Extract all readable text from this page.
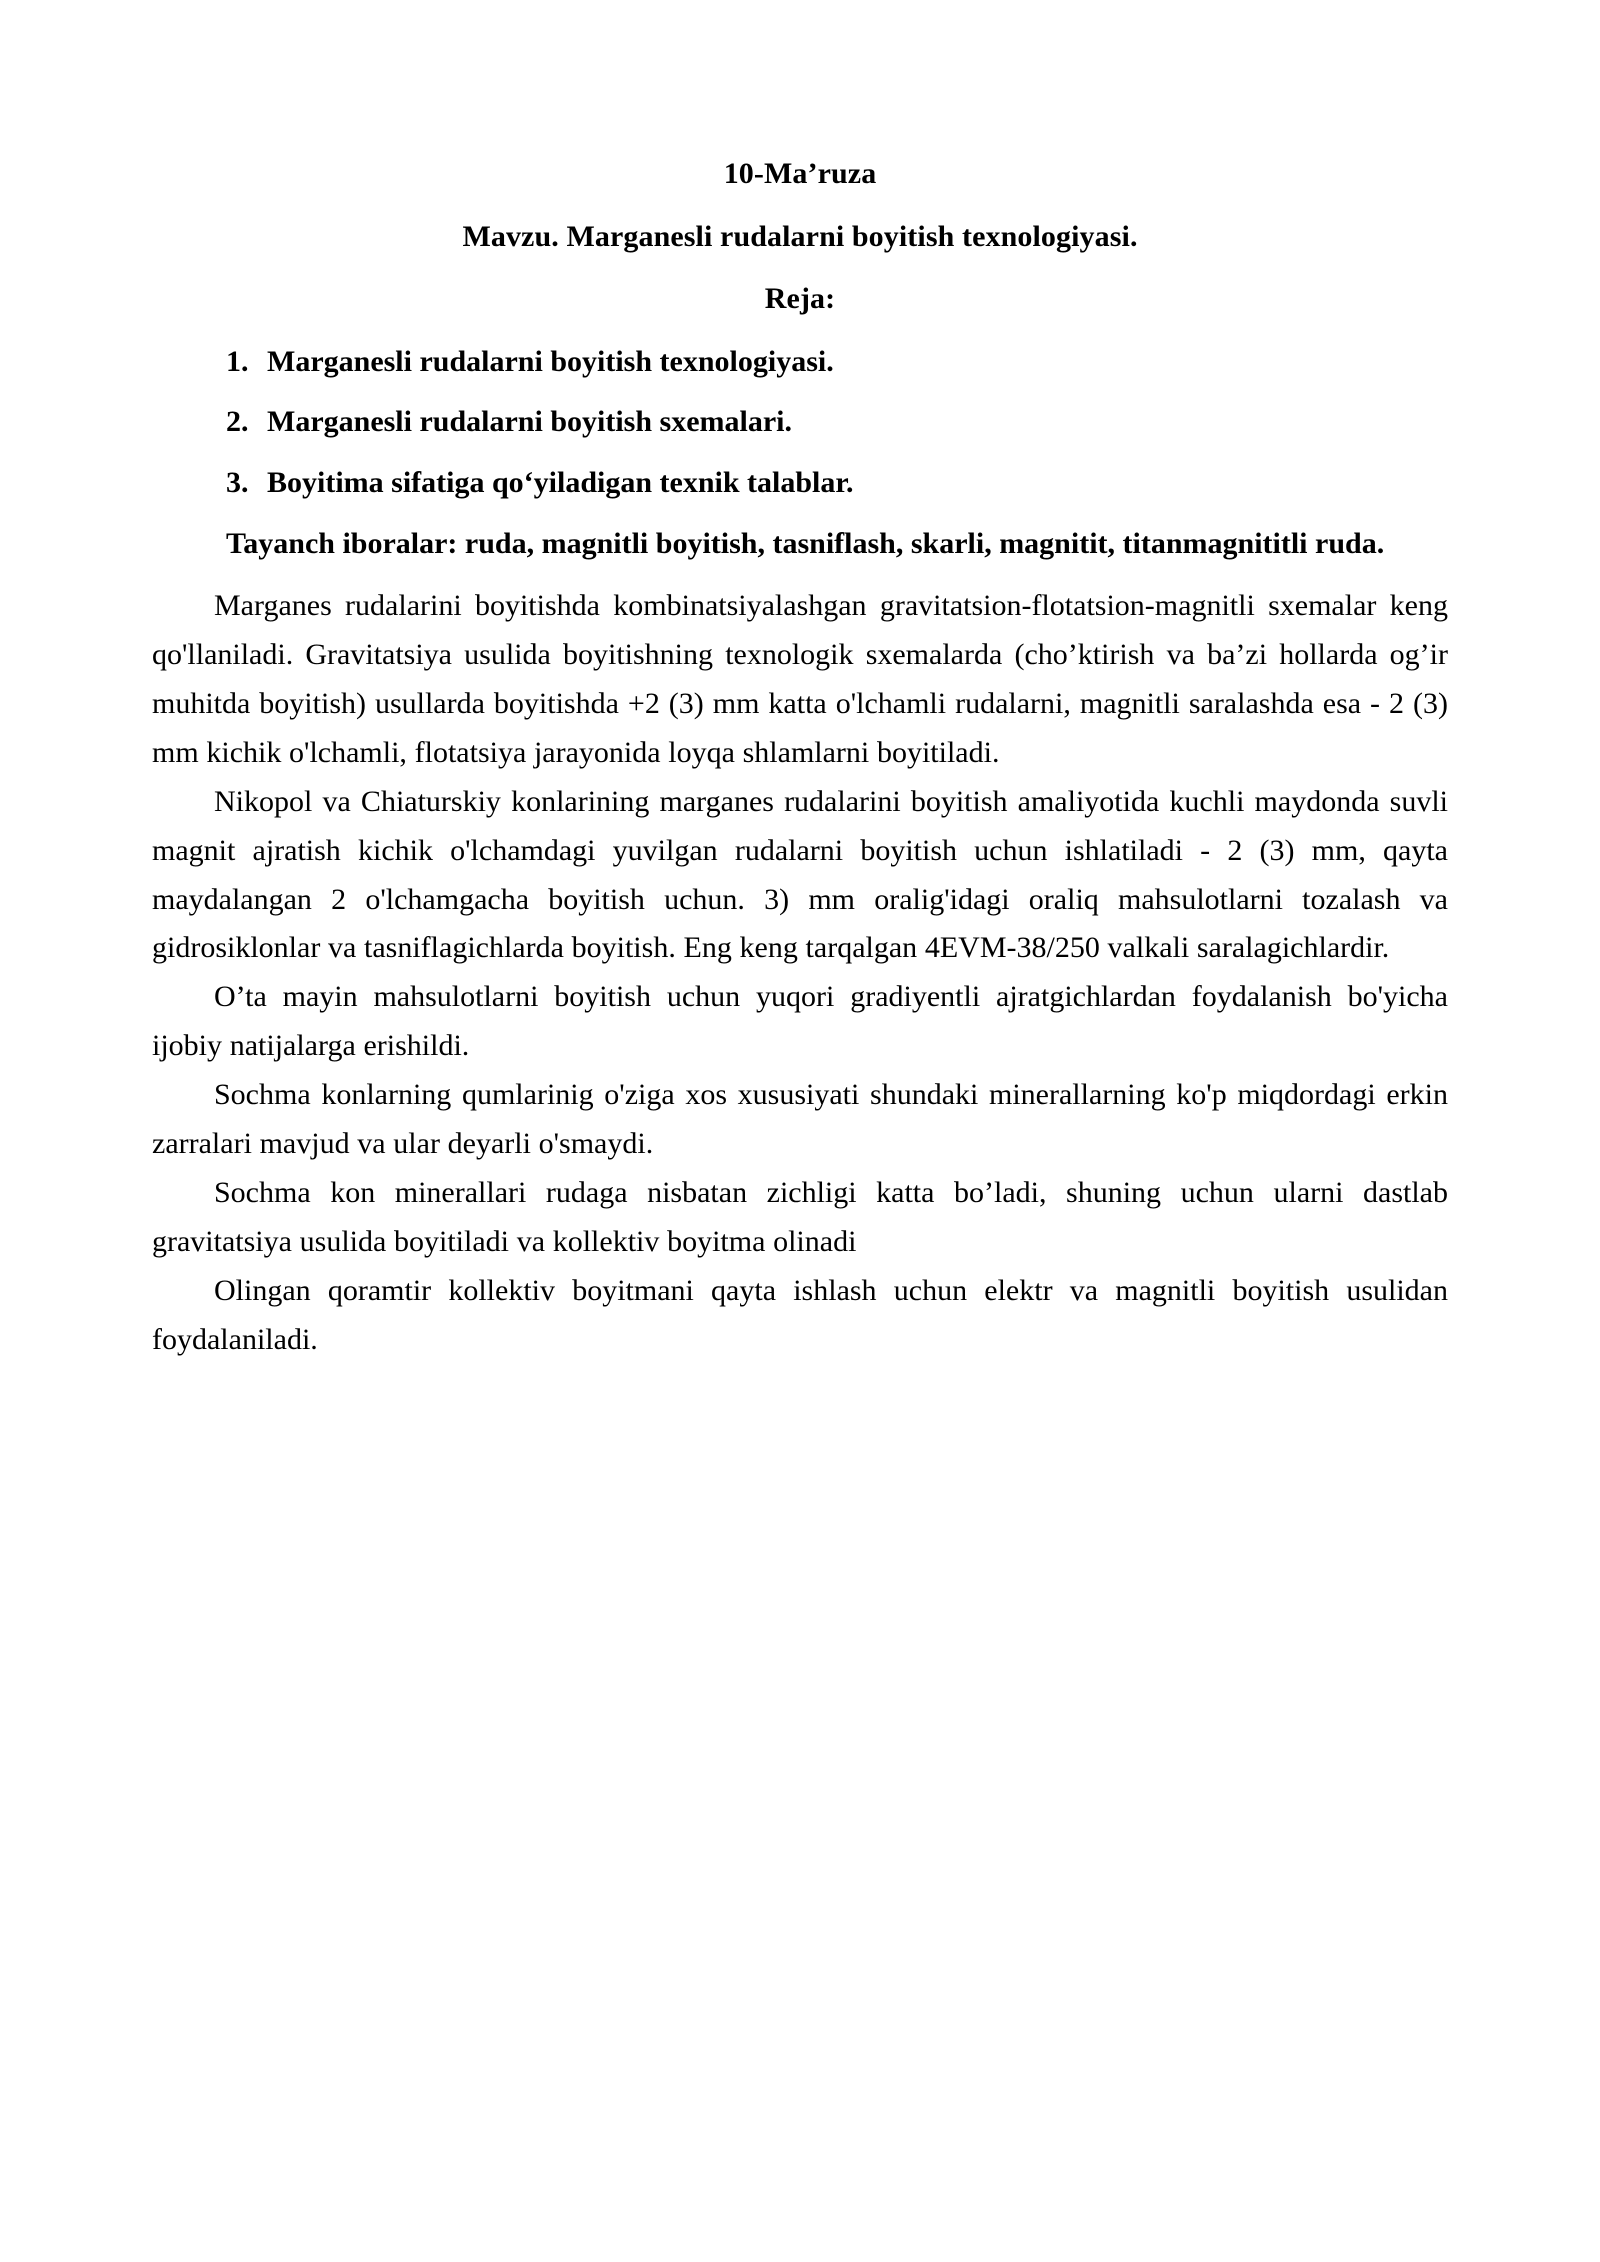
10-Ma’ruza
Mavzu. Marganesli rudalarni boyitish texnologiyasi.
Reja:
Marganesli rudalarni boyitish texnologiyasi.
Marganesli rudalarni boyitish sxemalari.
Boyitima sifatiga qo‘yiladigan texnik talablar.

Tayanch iboralar: ruda, magnitli boyitish, tasniflash, skarli, magnitit, titanmagnititli ruda.

Marganes rudalarini boyitishda kombinatsiyalashgan gravitatsion-flotatsion-magnitli sxemalar keng qo'llaniladi. Gravitatsiya usulida boyitishning texnologik sxemalarda (cho’ktirish va ba’zi hollarda og’ir muhitda boyitish) usullarda boyitishda +2 (3) mm katta o'lchamli rudalarni, magnitli saralashda esa - 2 (3) mm kichik o'lchamli, flotatsiya jarayonida loyqa shlamlarni boyitiladi.

Nikopol va Chiaturskiy konlarining marganes rudalarini boyitish amaliyotida kuchli maydonda suvli magnit ajratish kichik o'lchamdagi yuvilgan rudalarni boyitish uchun ishlatiladi - 2 (3) mm, qayta maydalangan 2 o'lchamgacha boyitish uchun. 3) mm oralig'idagi oraliq mahsulotlarni tozalash va gidrosiklonlar va tasniflagichlarda boyitish. Eng keng tarqalgan 4EVM-38/250 valkali saralagichlardir.

O’ta mayin mahsulotlarni boyitish uchun yuqori gradiyentli ajratgichlardan foydalanish bo'yicha ijobiy natijalarga erishildi.

Sochma konlarning qumlarinig o'ziga xos xususiyati shundaki minerallarning ko'p miqdordagi erkin zarralari mavjud va ular deyarli o'smaydi.

Sochma kon minerallari rudaga nisbatan zichligi katta bo’ladi, shuning uchun ularni dastlab gravitatsiya usulida boyitiladi va kollektiv boyitma olinadi

Olingan qoramtir kollektiv boyitmani qayta ishlash uchun elektr va magnitli boyitish usulidan foydalaniladi.
